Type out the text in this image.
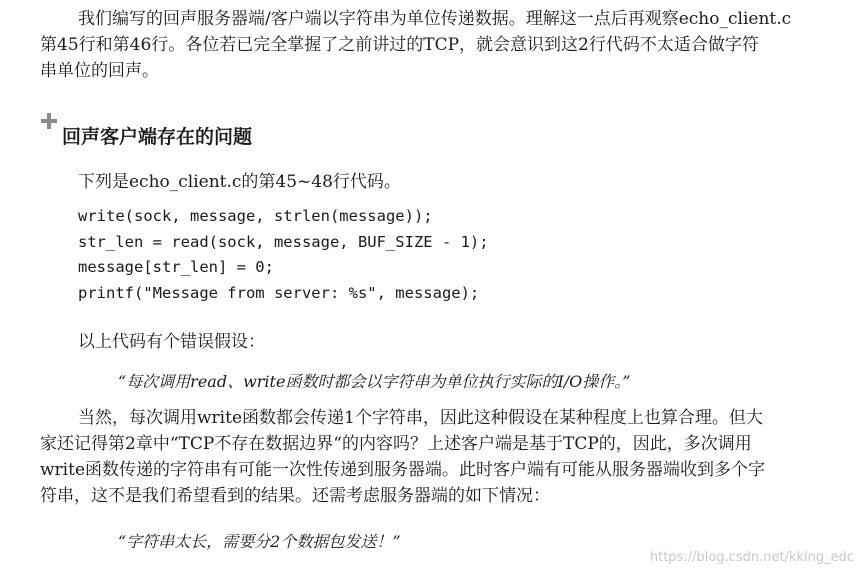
我们编写的回声服务器端/客户端以字符串为单位传递数据。理解这一点后再观察echo_client.c
第45行和第46行。各位若已完全掌握了之前讲过的TCP，就会意识到这2行代码不太适合做字符
串单位的回声。
回声客户端存在的问题

下列是echo_client.c的第45~48行代码。

write(sock, message, strlen(message));
str_len = read(sock, message, BUF_SIZE - 1);
message[str_len] = 0;
printf("Message from server: %s", message);

以上代码有个错误假设：

“每次调用read、write函数时都会以字符串为单位执行实际的I/O操作。”

当然，每次调用write函数都会传递1个字符串，因此这种假设在某种程度上也算合理。但大
家还记得第2章中“TCP不存在数据边界“的内容吗？上述客户端是基于TCP的，因此，多次调用
write函数传递的字符串有可能一次性传递到服务器端。此时客户端有可能从服务器端收到多个字
符串，这不是我们希望看到的结果。还需考虑服务器端的如下情况：

“字符串太长，需要分2个数据包发送！”

https://blog.csdn.net/kking_edc
